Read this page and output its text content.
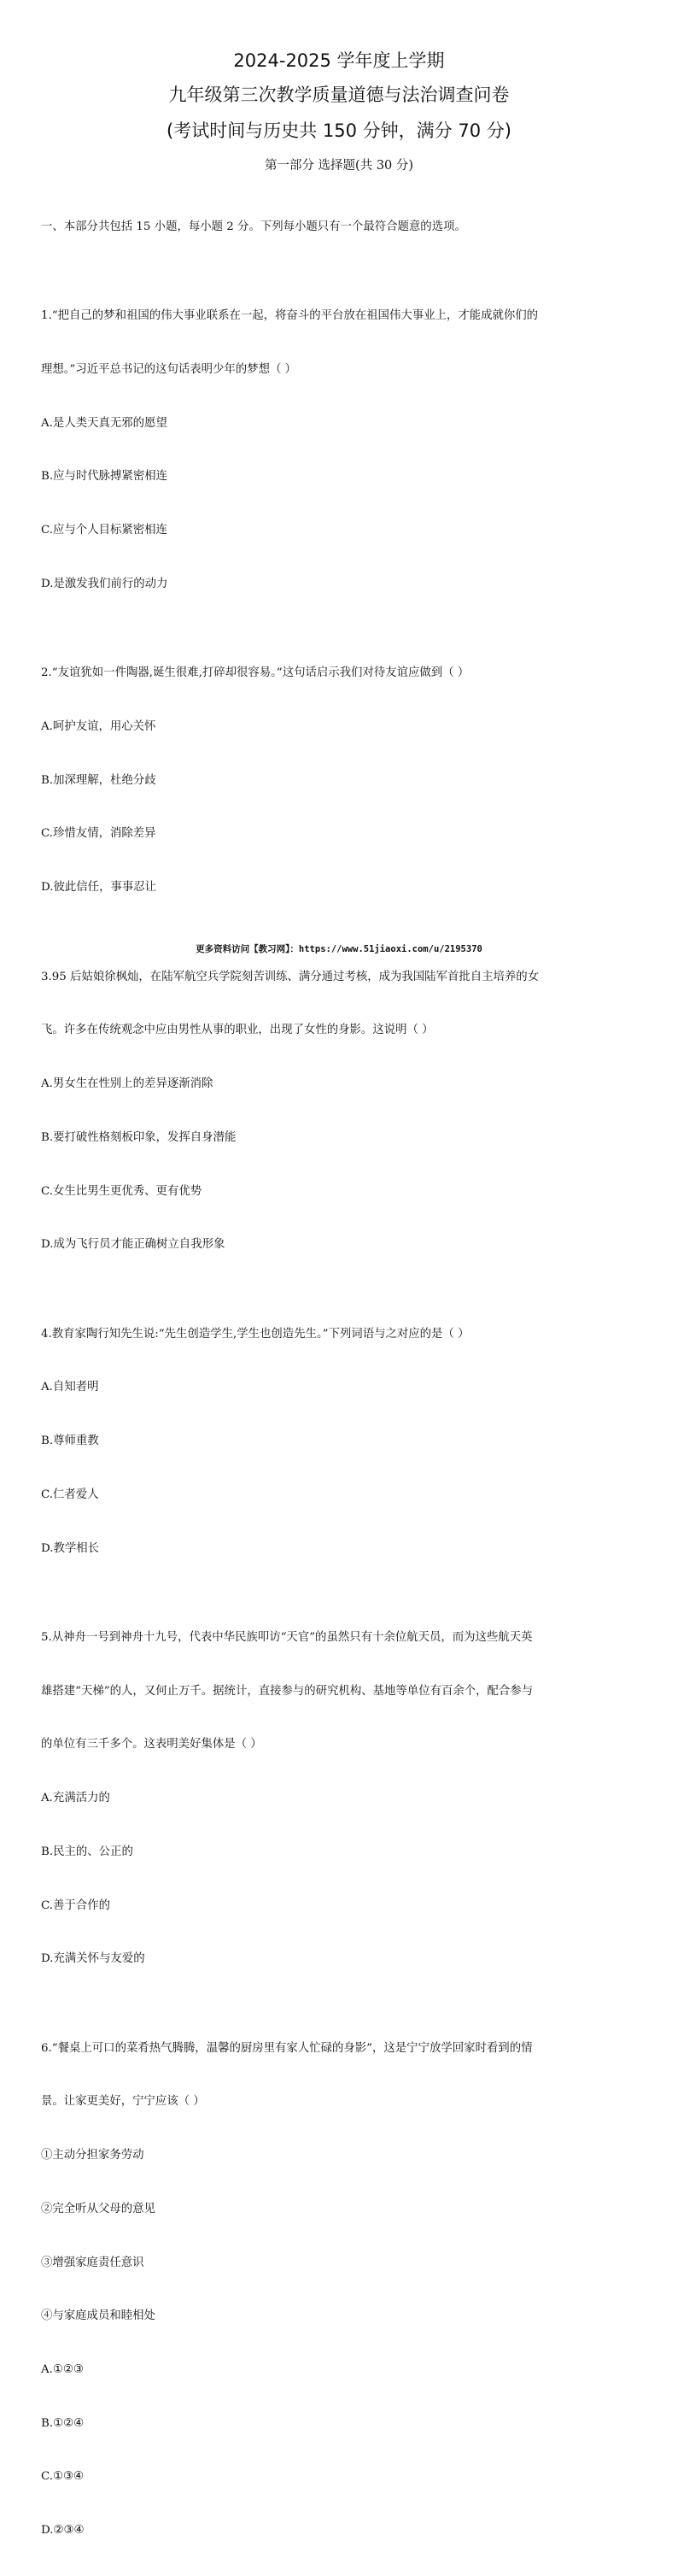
2024-2025 学年度上学期
九年级第三次教学质量道德与法治调查问卷
(考试时间与历史共 150 分钟，满分 70 分)
第一部分 选择题(共 30 分)

一、本部分共包括 15 小题，每小题 2 分。下列每小题只有一个最符合题意的选项。

1.“把自己的梦和祖国的伟大事业联系在一起，将奋斗的平台放在祖国伟大事业上，才能成就你们的

理想。”习近平总书记的这句话表明少年的梦想（ ）

A.是人类天真无邪的愿望

B.应与时代脉搏紧密相连

C.应与个人目标紧密相连

D.是激发我们前行的动力

2.“友谊犹如一件陶器,诞生很难,打碎却很容易。”这句话启示我们对待友谊应做到（ ）

A.呵护友谊，用心关怀

B.加深理解，杜绝分歧

C.珍惜友情，消除差异

D.彼此信任，事事忍让

3.95 后姑娘徐枫灿，在陆军航空兵学院刻苦训练、满分通过考核，成为我国陆军首批自主培养的女

飞。许多在传统观念中应由男性从事的职业，出现了女性的身影。这说明（ ）

A.男女生在性别上的差异逐渐消除

B.要打破性格刻板印象，发挥自身潜能

C.女生比男生更优秀、更有优势

D.成为飞行员才能正确树立自我形象

4.教育家陶行知先生说:“先生创造学生,学生也创造先生。”下列词语与之对应的是（ ）

A.自知者明

B.尊师重教

C.仁者爱人

D.教学相长

5.从神舟一号到神舟十九号，代表中华民族叩访“天官”的虽然只有十余位航天员，而为这些航天英

雄搭建“天梯”的人，又何止万千。据统计，直接参与的研究机构、基地等单位有百余个，配合参与

的单位有三千多个。这表明美好集体是（ ）

A.充满活力的

B.民主的、公正的

C.善于合作的

D.充满关怀与友爱的

6.“餐桌上可口的菜肴热气腾腾，温馨的厨房里有家人忙碌的身影”，这是宁宁放学回家时看到的情

景。让家更美好，宁宁应该（ ）

①主动分担家务劳动

②完全听从父母的意见

③增强家庭责任意识

④与家庭成员和睦相处

A.①②③

B.①②④

C.①③④

D.②③④

更多资料访问【教习网】：https://www.51jiaoxi.com/u/2195370
